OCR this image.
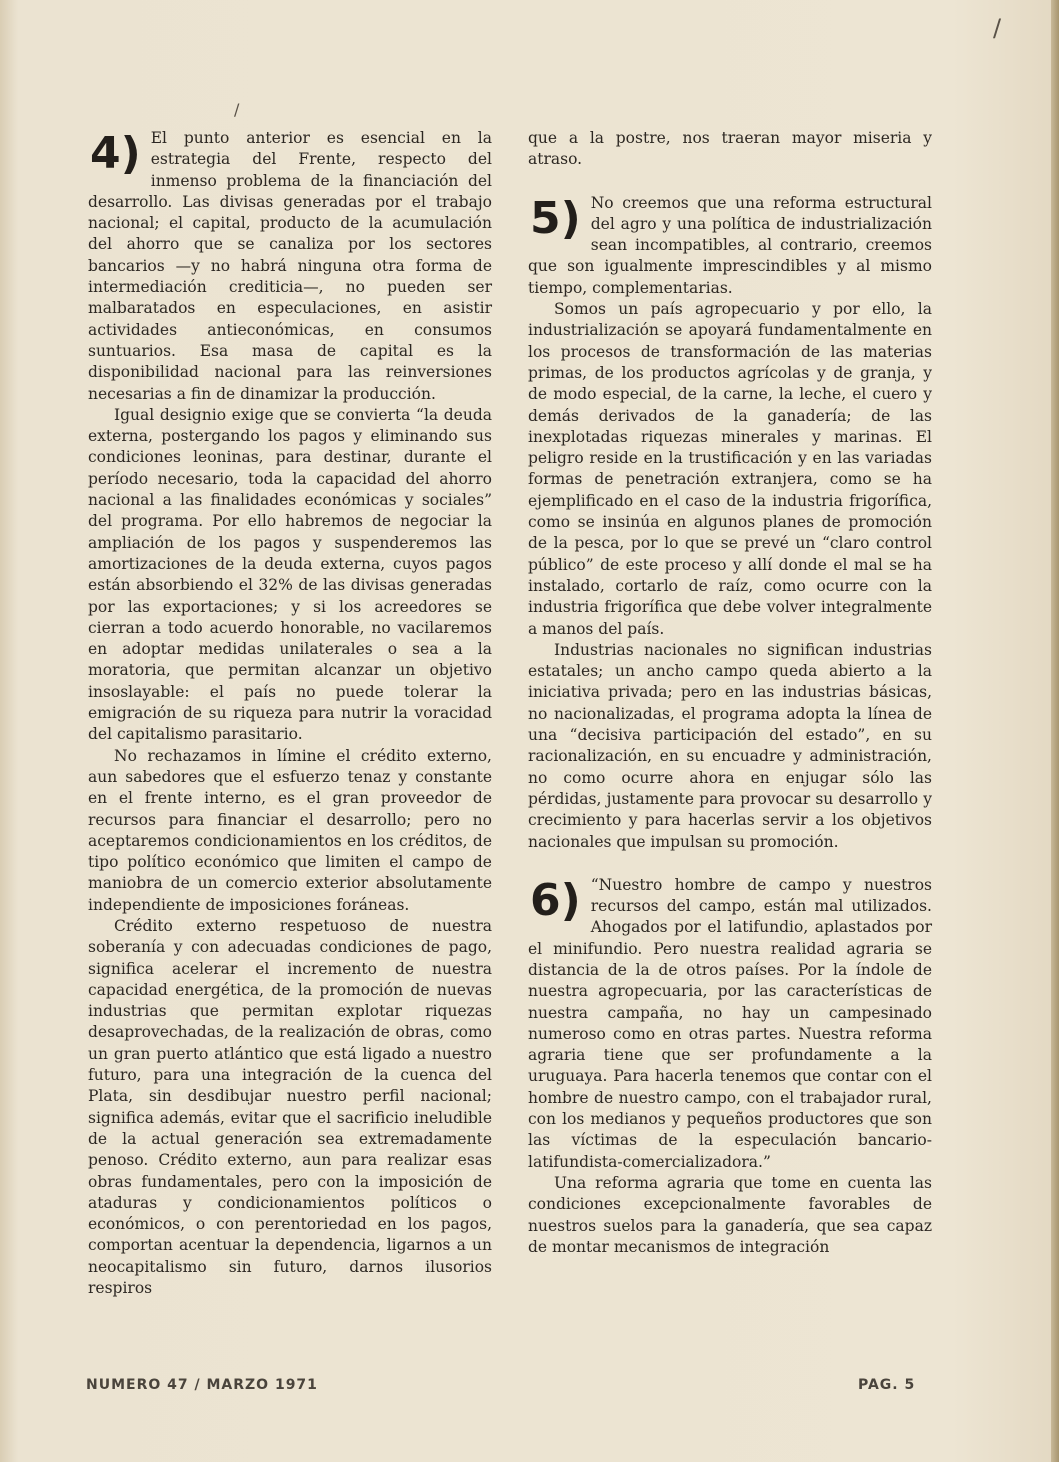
/
/
4) El punto anterior es esencial en la estrategia del Frente, respecto del inmenso problema de la financiación del desarrollo. Las divisas generadas por el trabajo nacional; el capital, producto de la acumulación del ahorro que se canaliza por los sectores bancarios —y no habrá ninguna otra forma de intermediación crediticia—, no pueden ser malbaratados en especulaciones, en asistir actividades antieconómicas, en consumos suntuarios. Esa masa de capital es la disponibilidad nacional para las reinversiones necesarias a fin de dinamizar la producción.

Igual designio exige que se convierta “la deuda externa, postergando los pagos y eliminando sus condiciones leoninas, para destinar, durante el período necesario, toda la capacidad del ahorro nacional a las finalidades económicas y sociales” del programa. Por ello habremos de negociar la ampliación de los pagos y suspenderemos las amortizaciones de la deuda externa, cuyos pagos están absorbiendo el 32% de las divisas generadas por las exportaciones; y si los acreedores se cierran a todo acuerdo honorable, no vacilaremos en adoptar medidas unilaterales o sea a la moratoria, que permitan alcanzar un objetivo insoslayable: el país no puede tolerar la emigración de su riqueza para nutrir la voracidad del capitalismo parasitario.

No rechazamos in límine el crédito externo, aun sabedores que el esfuerzo tenaz y constante en el frente interno, es el gran proveedor de recursos para financiar el desarrollo; pero no aceptaremos condicionamientos en los créditos, de tipo político económico que limiten el campo de maniobra de un comercio exterior absolutamente independiente de imposiciones foráneas.

Crédito externo respetuoso de nuestra soberanía y con adecuadas condiciones de pago, significa acelerar el incremento de nuestra capacidad energética, de la promoción de nuevas industrias que permitan explotar riquezas desaprovechadas, de la realización de obras, como un gran puerto atlántico que está ligado a nuestro futuro, para una integración de la cuenca del Plata, sin desdibujar nuestro perfil nacional; significa además, evitar que el sacrificio ineludible de la actual generación sea extremadamente penoso. Crédito externo, aun para realizar esas obras fundamentales, pero con la imposición de ataduras y condicionamientos políticos o económicos, o con perentoriedad en los pagos, comportan acentuar la dependencia, ligarnos a un neocapitalismo sin futuro, darnos ilusorios respiros

que a la postre, nos traeran mayor miseria y atraso.

5) No creemos que una reforma estructural del agro y una política de industrialización sean incompatibles, al contrario, creemos que son igualmente imprescindibles y al mismo tiempo, complementarias.

Somos un país agropecuario y por ello, la industrialización se apoyará fundamentalmente en los procesos de transformación de las materias primas, de los productos agrícolas y de granja, y de modo especial, de la carne, la leche, el cuero y demás derivados de la ganadería; de las inexplotadas riquezas minerales y marinas. El peligro reside en la trustificación y en las variadas formas de penetración extranjera, como se ha ejemplificado en el caso de la industria frigorífica, como se insinúa en algunos planes de promoción de la pesca, por lo que se prevé un “claro control público” de este proceso y allí donde el mal se ha instalado, cortarlo de raíz, como ocurre con la industria frigorífica que debe volver integralmente a manos del país.

Industrias nacionales no significan industrias estatales; un ancho campo queda abierto a la iniciativa privada; pero en las industrias básicas, no nacionalizadas, el programa adopta la línea de una “decisiva participación del estado”, en su racionalización, en su encuadre y administración, no como ocurre ahora en enjugar sólo las pérdidas, justamente para provocar su desarrollo y crecimiento y para hacerlas servir a los objetivos nacionales que impulsan su promoción.

6) “Nuestro hombre de campo y nuestros recursos del campo, están mal utilizados. Ahogados por el latifundio, aplastados por el minifundio. Pero nuestra realidad agraria se distancia de la de otros países. Por la índole de nuestra agropecuaria, por las características de nuestra campaña, no hay un campesinado numeroso como en otras partes. Nuestra reforma agraria tiene que ser profundamente a la uruguaya. Para hacerla tenemos que contar con el hombre de nuestro campo, con el trabajador rural, con los medianos y pequeños productores que son las víctimas de la especulación bancario-latifundista-comercializadora.”

Una reforma agraria que tome en cuenta las condiciones excepcionalmente favorables de nuestros suelos para la ganadería, que sea capaz de montar mecanismos de integración

NUMERO 47 / MARZO 1971	PAG. 5
